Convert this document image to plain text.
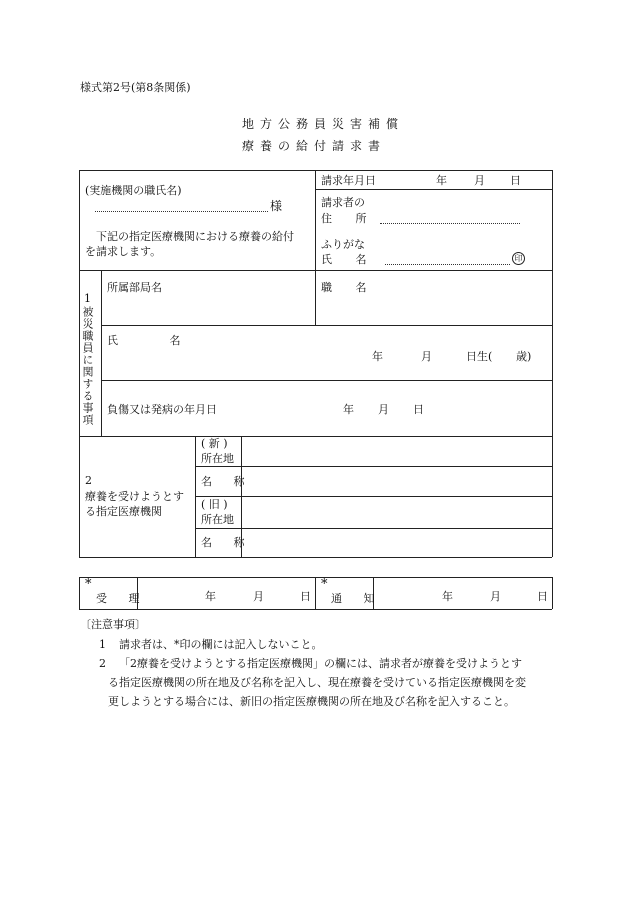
様式第2号(第8条関係)
地方公務員災害補償
療養の給付請求書
(実施機関の職氏名)
様
下記の指定医療機関における療養の給付
を請求します。
請求年月日	年 月 日
請求者の
住 所
ふりがな
氏 名	印
1被災職員に関する事項
所属部局名	職 名
氏 名
年	月	日生( 歳)
負傷又は発病の年月日	年 月 日
2
療養を受けようとす
る指定医療機関
( 新 )
所在地
名 称
( 旧 )
所在地
名 称
*
受 理	年	月	日
*
通 知	年	月	日
〔注意事項〕
1 請求者は、*印の欄には記入しないこと。
2 「2療養を受けようとする指定医療機関」の欄には、請求者が療養を受けようとす
る指定医療機関の所在地及び名称を記入し、現在療養を受けている指定医療機関を変
更しようとする場合には、新旧の指定医療機関の所在地及び名称を記入すること。
